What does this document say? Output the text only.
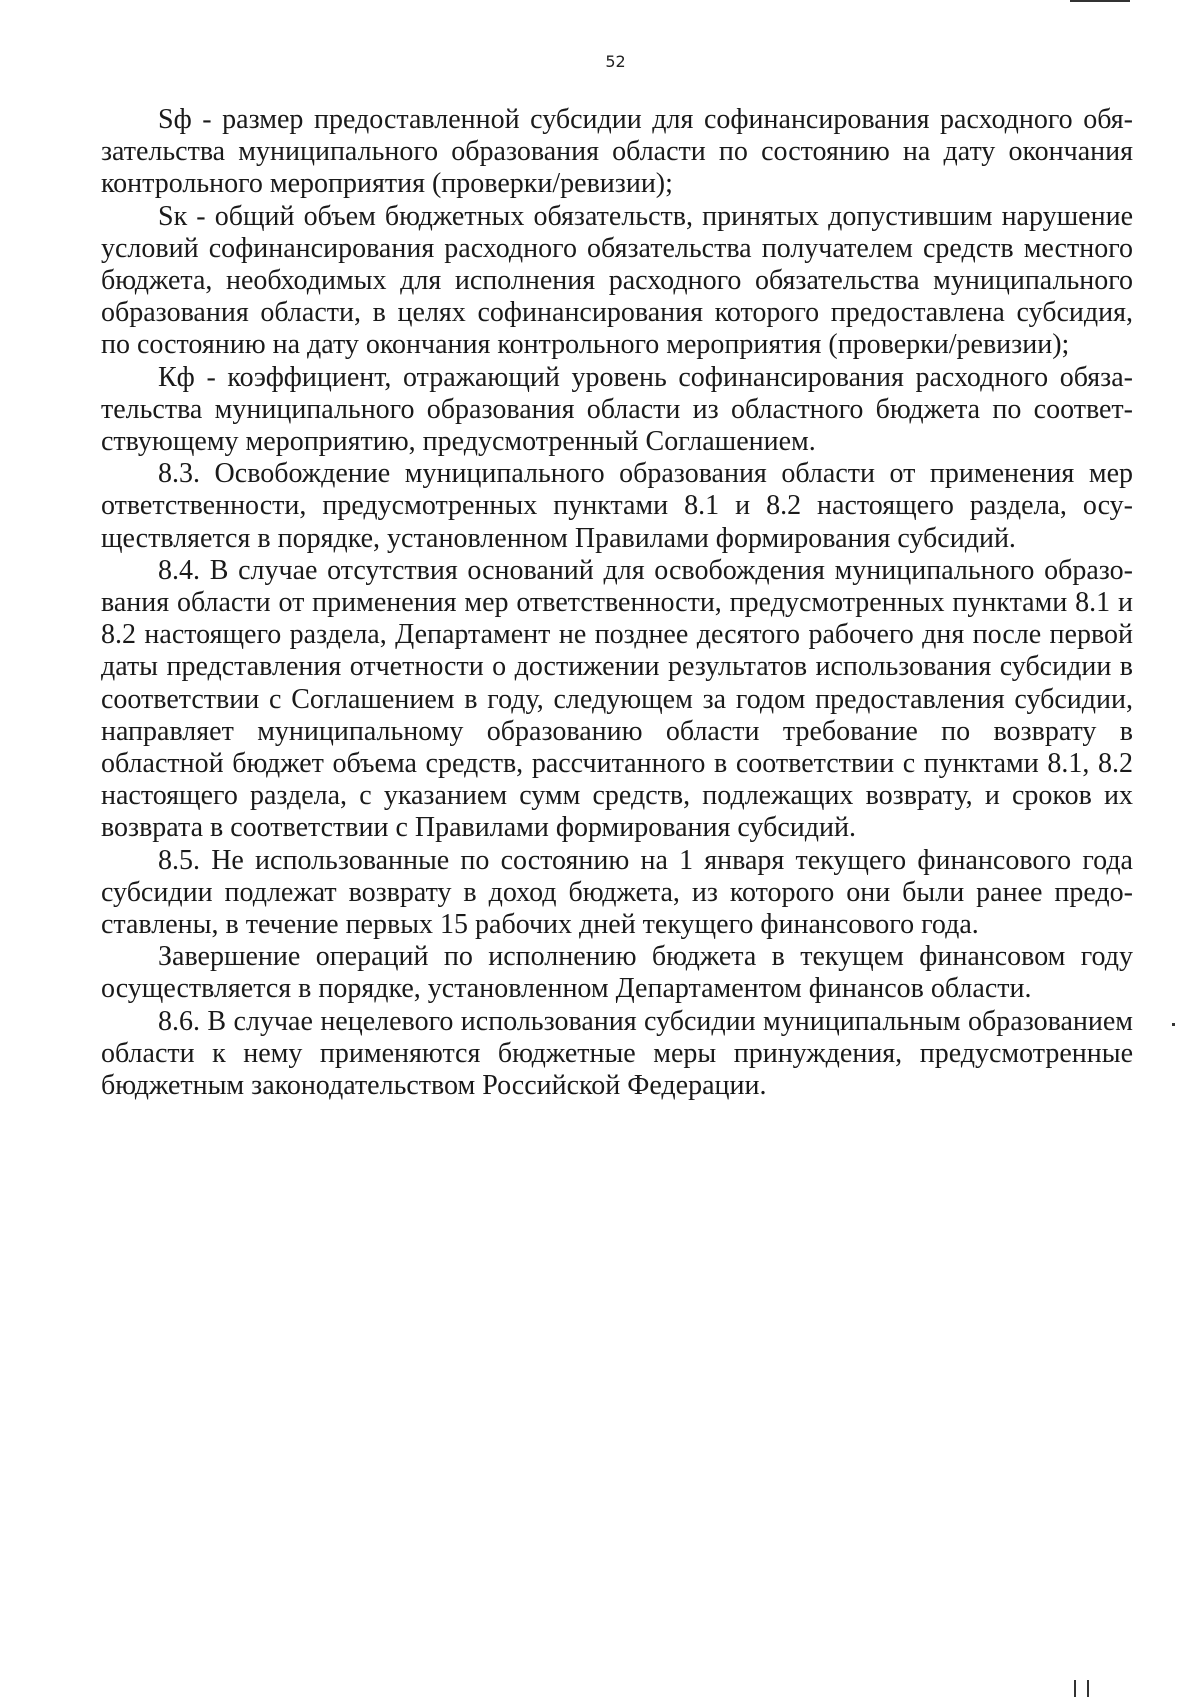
52

Sф - размер предоставленной субсидии для софинансирования расходного обязательства муниципального образования области по состоянию на дату окончания контрольного мероприятия (проверки/ревизии);

Sк - общий объем бюджетных обязательств, принятых допустившим нарушение условий софинансирования расходного обязательства получателем средств местного бюджета, необходимых для исполнения расходного обязательства муниципального образования области, в целях софинансирования которого предоставлена субсидия, по состоянию на дату окончания контрольного мероприятия (проверки/ревизии);

Кф - коэффициент, отражающий уровень софинансирования расходного обязательства муниципального образования области из областного бюджета по соответствующему мероприятию, предусмотренный Соглашением.

8.3. Освобождение муниципального образования области от применения мер ответственности, предусмотренных пунктами 8.1 и 8.2 настоящего раздела, осуществляется в порядке, установленном Правилами формирования субсидий.

8.4. В случае отсутствия оснований для освобождения муниципального образования области от применения мер ответственности, предусмотренных пунктами 8.1 и 8.2 настоящего раздела, Департамент не позднее десятого рабочего дня после первой даты представления отчетности о достижении результатов использования субсидии в соответствии с Соглашением в году, следующем за годом предоставления субсидии, направляет муниципальному образованию области требование по возврату в областной бюджет объема средств, рассчитанного в соответствии с пунктами 8.1, 8.2 настоящего раздела, с указанием сумм средств, подлежащих возврату, и сроков их возврата в соответствии с Правилами формирования субсидий.

8.5. Не использованные по состоянию на 1 января текущего финансового года субсидии подлежат возврату в доход бюджета, из которого они были ранее предоставлены, в течение первых 15 рабочих дней текущего финансового года.

Завершение операций по исполнению бюджета в текущем финансовом году осуществляется в порядке, установленном Департаментом финансов области.

8.6. В случае нецелевого использования субсидии муниципальным образованием области к нему применяются бюджетные меры принуждения, предусмотренные бюджетным законодательством Российской Федерации.
